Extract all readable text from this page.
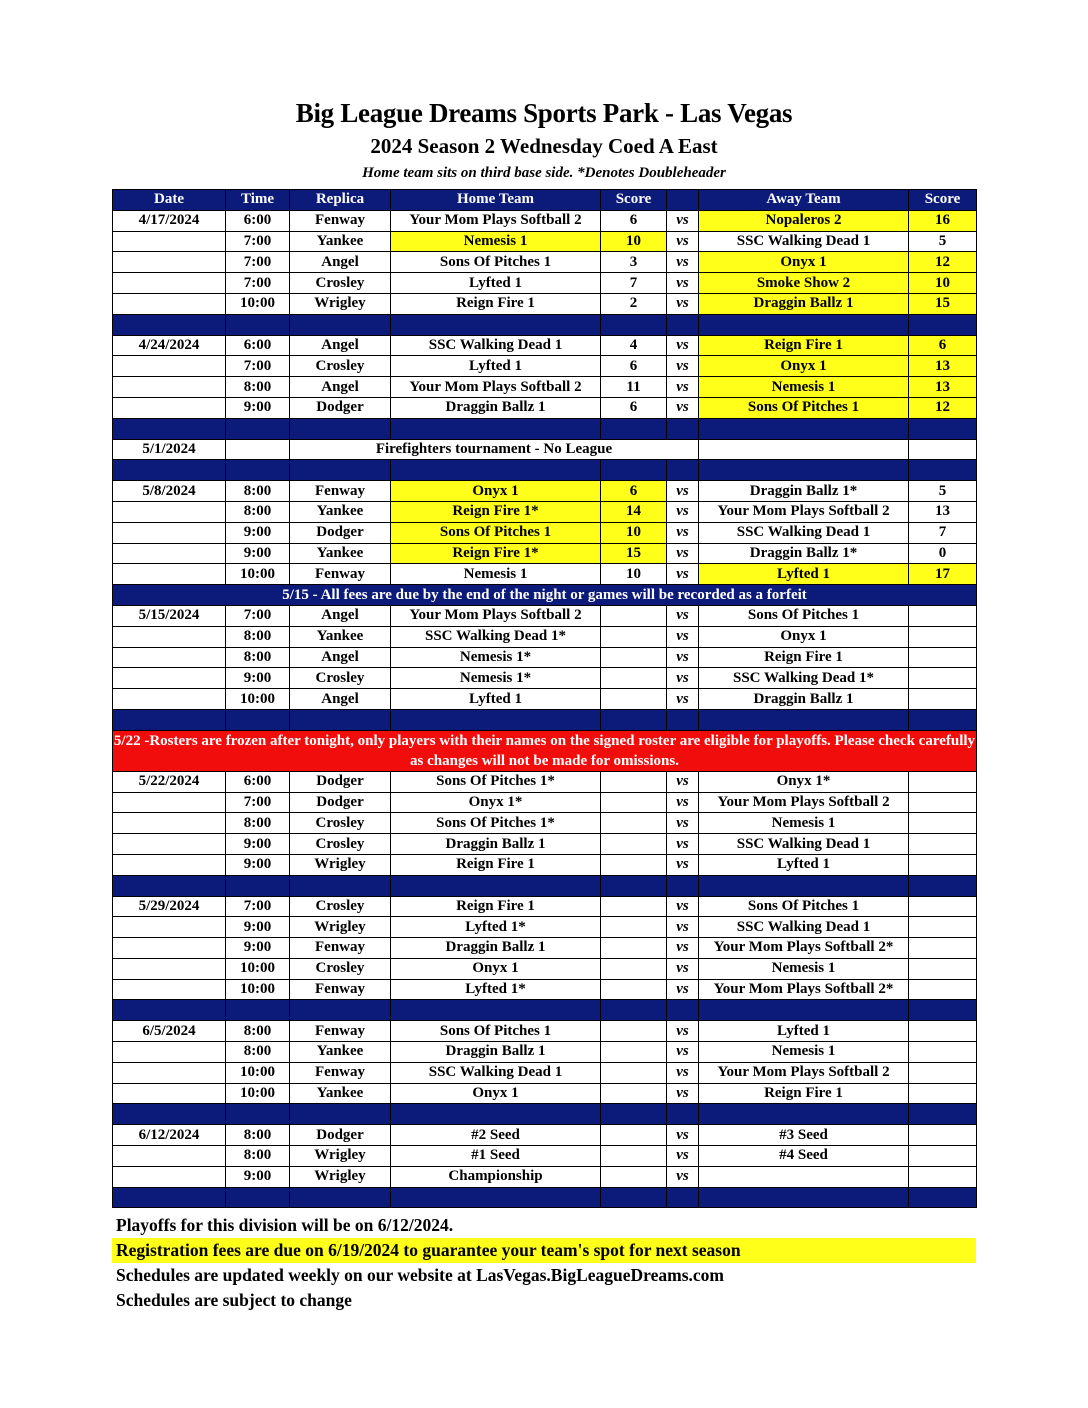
Big League Dreams Sports Park - Las Vegas
2024 Season 2 Wednesday Coed A East
Home team sits on third base side. *Denotes Doubleheader
Date	Time	Replica	Home Team	Score		Away Team	Score
4/17/2024	6:00	Fenway	Your Mom Plays Softball 2	6	vs	Nopaleros 2	16
	7:00	Yankee	Nemesis 1	10	vs	SSC Walking Dead 1	5
	7:00	Angel	Sons Of Pitches 1	3	vs	Onyx 1	12
	7:00	Crosley	Lyfted 1	7	vs	Smoke Show 2	10
	10:00	Wrigley	Reign Fire 1	2	vs	Draggin Ballz 1	15

4/24/2024	6:00	Angel	SSC Walking Dead 1	4	vs	Reign Fire 1	6
	7:00	Crosley	Lyfted 1	6	vs	Onyx 1	13
	8:00	Angel	Your Mom Plays Softball 2	11	vs	Nemesis 1	13
	9:00	Dodger	Draggin Ballz 1	6	vs	Sons Of Pitches 1	12

5/1/2024		Firefighters tournament - No League					

5/8/2024	8:00	Fenway	Onyx 1	6	vs	Draggin Ballz 1*	5
	8:00	Yankee	Reign Fire 1*	14	vs	Your Mom Plays Softball 2	13
	9:00	Dodger	Sons Of Pitches 1	10	vs	SSC Walking Dead 1	7
	9:00	Yankee	Reign Fire 1*	15	vs	Draggin Ballz 1*	0
	10:00	Fenway	Nemesis 1	10	vs	Lyfted 1	17
5/15 - All fees are due by the end of the night or games will be recorded as a forfeit							
5/15/2024	7:00	Angel	Your Mom Plays Softball 2		vs	Sons Of Pitches 1	
	8:00	Yankee	SSC Walking Dead 1*		vs	Onyx 1	
	8:00	Angel	Nemesis 1*		vs	Reign Fire 1	
	9:00	Crosley	Nemesis 1*		vs	SSC Walking Dead 1*	
	10:00	Angel	Lyfted 1		vs	Draggin Ballz 1	

5/22 -Rosters are frozen after tonight, only players with their names on the signed roster are eligible for playoffs. Please check carefully as changes will not be made for omissions.							
5/22/2024	6:00	Dodger	Sons Of Pitches 1*		vs	Onyx 1*	
	7:00	Dodger	Onyx 1*		vs	Your Mom Plays Softball 2	
	8:00	Crosley	Sons Of Pitches 1*		vs	Nemesis 1	
	9:00	Crosley	Draggin Ballz 1		vs	SSC Walking Dead 1	
	9:00	Wrigley	Reign Fire 1		vs	Lyfted 1	

5/29/2024	7:00	Crosley	Reign Fire 1		vs	Sons Of Pitches 1	
	9:00	Wrigley	Lyfted 1*		vs	SSC Walking Dead 1	
	9:00	Fenway	Draggin Ballz 1		vs	Your Mom Plays Softball 2*	
	10:00	Crosley	Onyx 1		vs	Nemesis 1	
	10:00	Fenway	Lyfted 1*		vs	Your Mom Plays Softball 2*	

6/5/2024	8:00	Fenway	Sons Of Pitches 1		vs	Lyfted 1	
	8:00	Yankee	Draggin Ballz 1		vs	Nemesis 1	
	10:00	Fenway	SSC Walking Dead 1		vs	Your Mom Plays Softball 2	
	10:00	Yankee	Onyx 1		vs	Reign Fire 1	

6/12/2024	8:00	Dodger	#2 Seed		vs	#3 Seed	
	8:00	Wrigley	#1 Seed		vs	#4 Seed	
	9:00	Wrigley	Championship		vs		

Playoffs for this division will be on 6/12/2024.
Registration fees are due on 6/19/2024 to guarantee your team's spot for next season
Schedules are updated weekly on our website at LasVegas.BigLeagueDreams.com
Schedules are subject to change
